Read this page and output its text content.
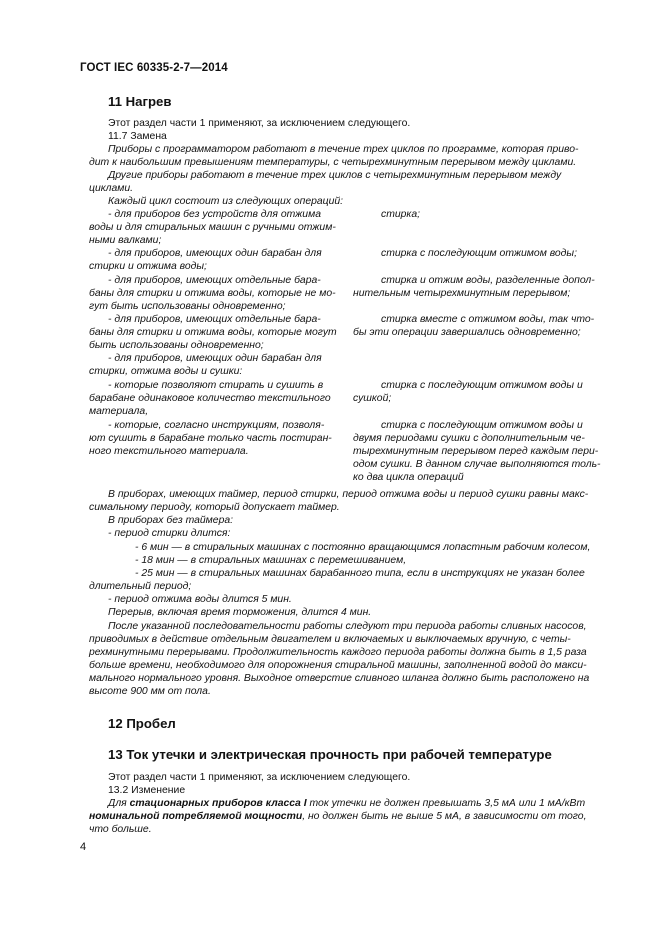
ГОСТ IEC 60335-2-7—2014
11 Нагрев
Этот раздел части 1 применяют, за исключением следующего.
11.7 Замена
Приборы с программатором работают в течение трех циклов по программе, которая приво-
дит к наибольшим превышениям температуры, с четырехминутным перерывом между циклами.
Другие приборы работают в течение трех циклов с четырехминутным перерывом между
циклами.
Каждый цикл состоит из следующих операций:
- для приборов без устройств для отжима
воды и для стиральных машин с ручными отжим-
ными валками;
стирка;
- для приборов, имеющих один барабан для
стирки и отжима воды;
стирка с последующим отжимом воды;
- для приборов, имеющих отдельные бара-
баны для стирки и отжима воды, которые не мо-
гут быть использованы одновременно;
стирка и отжим воды, разделенные допол-
нительным четырехминутным перерывом;
- для приборов, имеющих отдельные бара-
баны для стирки и отжима воды, которые могут
быть использованы одновременно;
стирка вместе с отжимом воды, так что-
бы эти операции завершались одновременно;
- для приборов, имеющих один барабан для
стирки, отжима воды и сушки:
- которые позволяют стирать и сушить в
барабане одинаковое количество текстильного
материала,
стирка с последующим отжимом воды и
сушкой;
- которые, согласно инструкциям, позволя-
ют сушить в барабане только часть постиран-
ного текстильного материала.
стирка с последующим отжимом воды и
двумя периодами сушки с дополнительным че-
тырехминутным перерывом перед каждым пери-
одом сушки. В данном случае выполняются толь-
ко два цикла операций
В приборах, имеющих таймер, период стирки, период отжима воды и период сушки равны макс-
симальному периоду, который допускает таймер.
В приборах без таймера:
- период стирки длится:
- 6 мин — в стиральных машинах с постоянно вращающимся лопастным рабочим колесом,
- 18 мин — в стиральных машинах с перемешиванием,
- 25 мин — в стиральных машинах барабанного типа, если в инструкциях не указан более
длительный период;
- период отжима воды длится 5 мин.
Перерыв, включая время торможения, длится 4 мин.
После указанной последовательности работы следуют три периода работы сливных насосов,
приводимых в действие отдельным двигателем и включаемых и выключаемых вручную, с четы-
рехминутными перерывами. Продолжительность каждого периода работы должна быть в 1,5 раза
больше времени, необходимого для опорожнения стиральной машины, заполненной водой до макси-
мального нормального уровня. Выходное отверстие сливного шланга должно быть расположено на
высоте 900 мм от пола.
12 Пробел
13 Ток утечки и электрическая прочность при рабочей температуре
Этот раздел части 1 применяют, за исключением следующего.
13.2 Изменение
Для стационарных приборов класса I ток утечки не должен превышать 3,5 мА или 1 мА/кВт
номинальной потребляемой мощности, но должен быть не выше 5 мА, в зависимости от того,
что больше.
4
